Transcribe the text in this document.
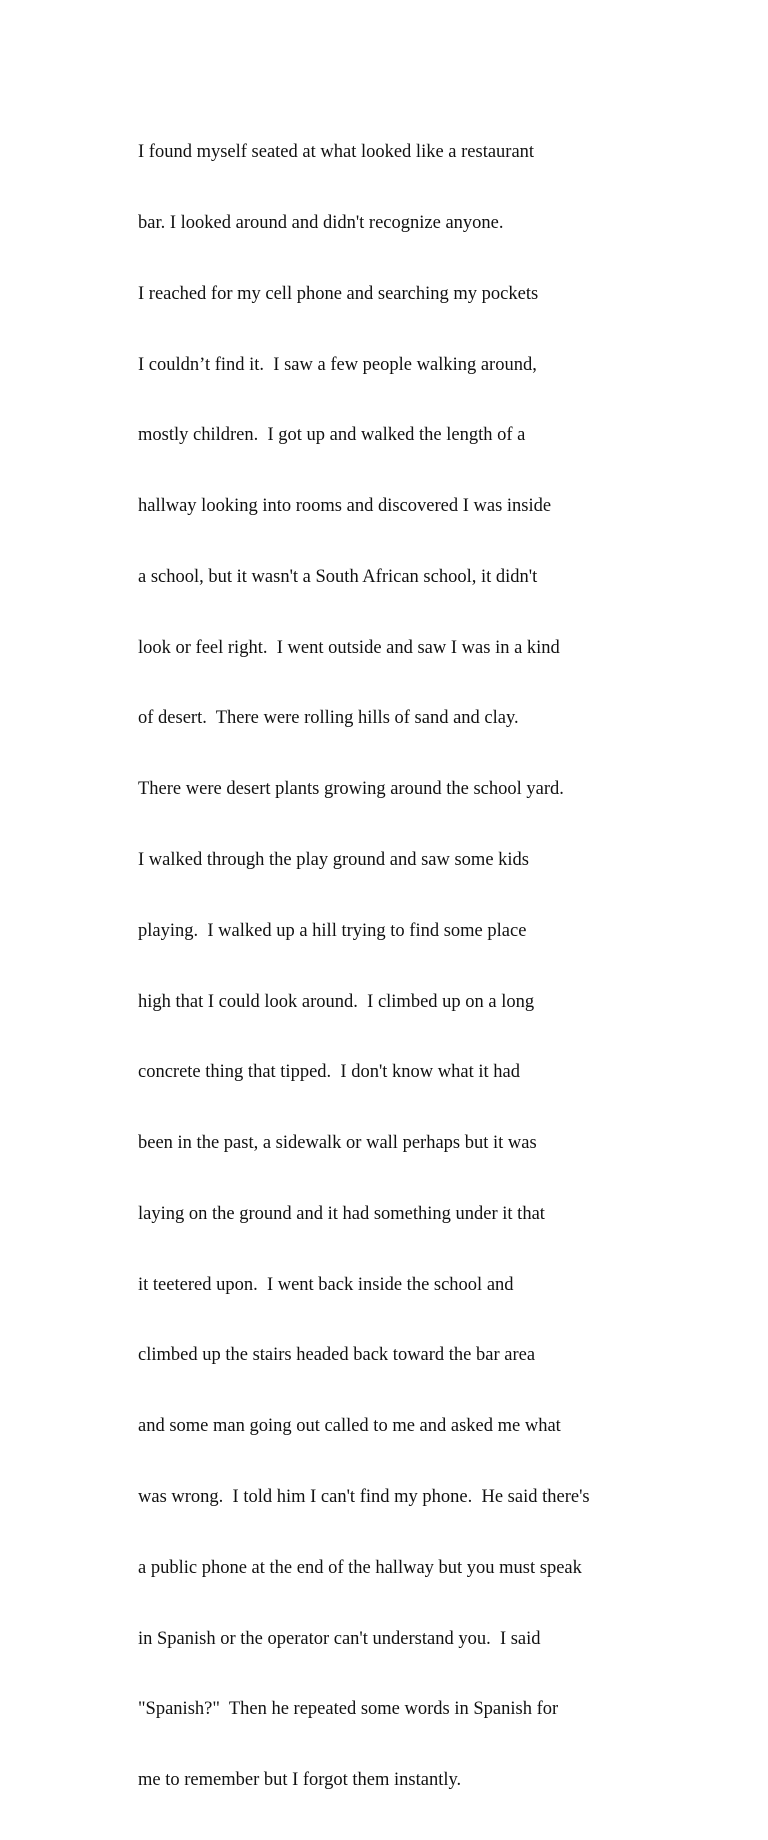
I found myself seated at what looked like a restaurant

bar. I looked around and didn't recognize anyone.

I reached for my cell phone and searching my pockets

I couldn’t find it.  I saw a few people walking around,

mostly children.  I got up and walked the length of a

hallway looking into rooms and discovered I was inside

a school, but it wasn't a South African school, it didn't

look or feel right.  I went outside and saw I was in a kind

of desert.  There were rolling hills of sand and clay.

There were desert plants growing around the school yard.

I walked through the play ground and saw some kids

playing.  I walked up a hill trying to find some place

high that I could look around.  I climbed up on a long

concrete thing that tipped.  I don't know what it had

been in the past, a sidewalk or wall perhaps but it was

laying on the ground and it had something under it that

it teetered upon.  I went back inside the school and

climbed up the stairs headed back toward the bar area

and some man going out called to me and asked me what

was wrong.  I told him I can't find my phone.  He said there's

a public phone at the end of the hallway but you must speak

in Spanish or the operator can't understand you.  I said

"Spanish?"  Then he repeated some words in Spanish for

me to remember but I forgot them instantly.
